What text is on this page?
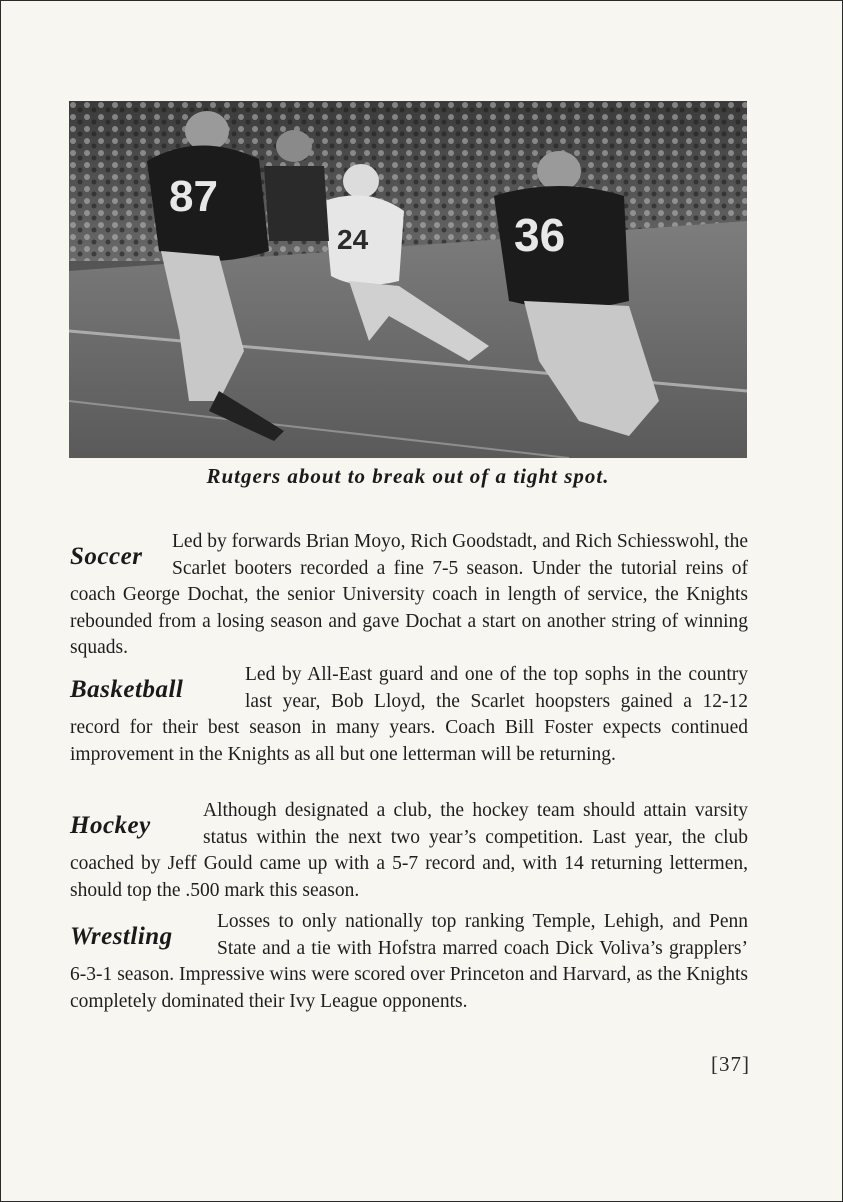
87
24	36
Rutgers about to break out of a tight spot.
Soccer

Led by forwards Brian Moyo, Rich Goodstadt, and Rich Schiesswohl, the Scarlet booters recorded a fine 7-5 season. Under the tutorial reins of coach George Dochat, the senior University coach in length of service, the Knights rebounded from a losing season and gave Dochat a start on another string of winning squads.

Basketball

Led by All-East guard and one of the top sophs in the country last year, Bob Lloyd, the Scarlet hoopsters gained a 12-12 record for their best season in many years. Coach Bill Foster expects continued improvement in the Knights as all but one letterman will be returning.

Hockey

Although designated a club, the hockey team should attain varsity status within the next two year’s competition. Last year, the club coached by Jeff Gould came up with a 5-7 record and, with 14 returning lettermen, should top the .500 mark this season.

Wrestling

Losses to only nationally top ranking Temple, Lehigh, and Penn State and a tie with Hofstra marred coach Dick Voliva’s grapplers’ 6-3-1 season. Impressive wins were scored over Princeton and Harvard, as the Knights completely dominated their Ivy League opponents.

[37]
